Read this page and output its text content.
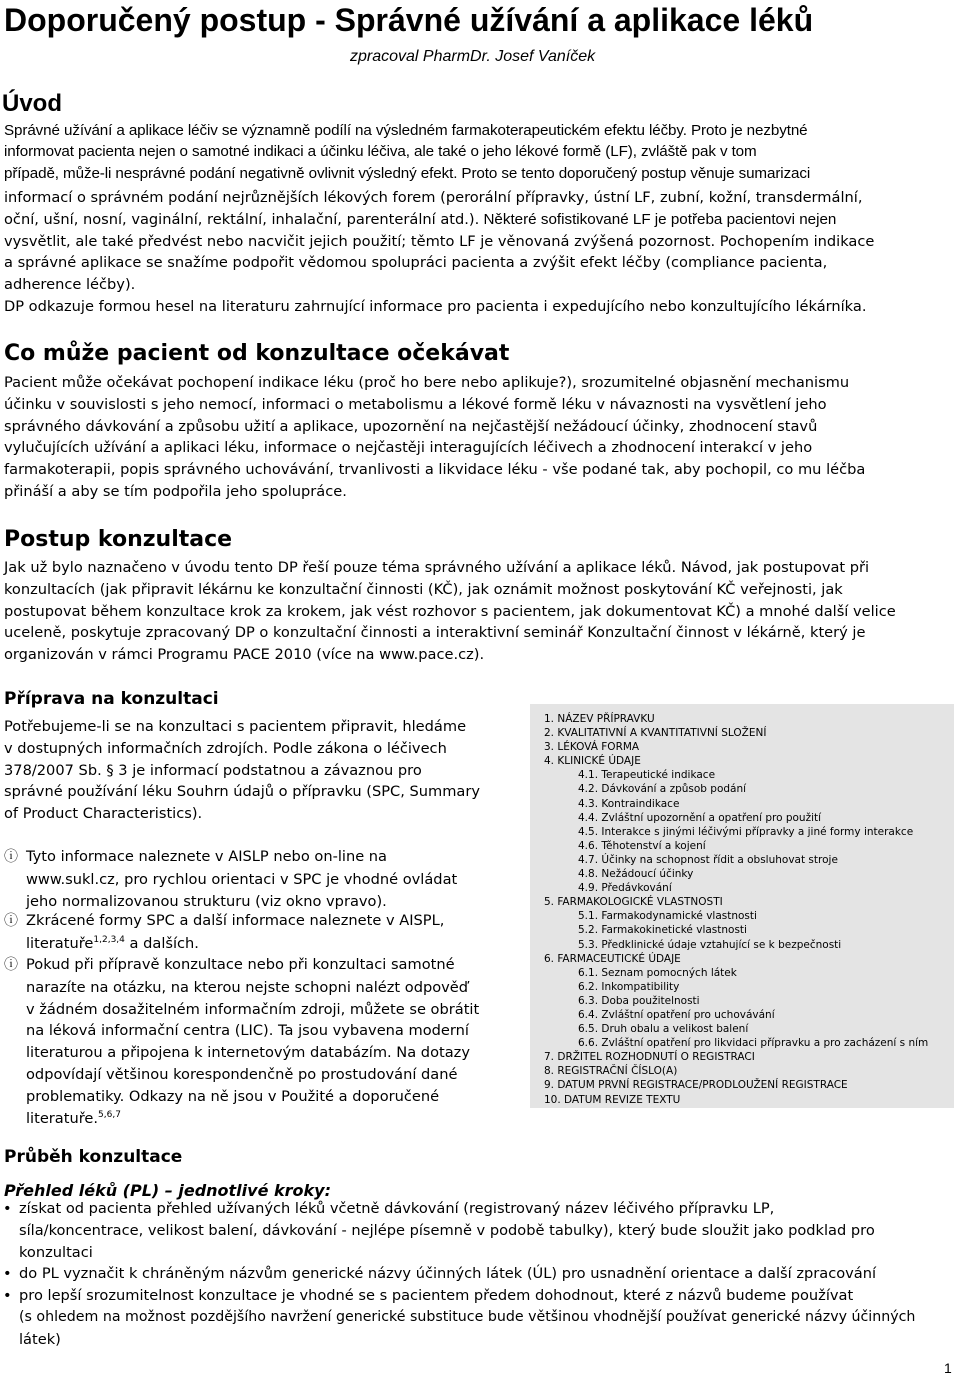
Doporučený postup - Správné užívání a aplikace léků
zpracoval PharmDr. Josef Vaníček
Úvod
Správné užívání a aplikace léčiv se významně podílí na výsledném farmakoterapeutickém efektu léčby. Proto je nezbytné
informovat pacienta nejen o samotné indikaci a účinku léčiva, ale také o jeho lékové formě (LF), zvláště pak v tom
případě, může-li nesprávné podání negativně ovlivnit výsledný efekt. Proto se tento doporučený postup věnuje sumarizaci
informací o správném podání nejrůznějších lékových forem (perorální přípravky, ústní LF, zubní, kožní, transdermální,
oční, ušní, nosní, vaginální, rektální, inhalační, parenterální atd.). Některé sofistikované LF je potřeba pacientovi nejen
vysvětlit, ale také předvést nebo nacvičit jejich použití; těmto LF je věnovaná zvýšená pozornost. Pochopením indikace
a správné aplikace se snažíme podpořit vědomou spolupráci pacienta a zvýšit efekt léčby (compliance pacienta,
adherence léčby).
DP odkazuje formou hesel na literaturu zahrnující informace pro pacienta i expedujícího nebo konzultujícího lékárníka.
Co může pacient od konzultace očekávat
Pacient může očekávat pochopení indikace léku (proč ho bere nebo aplikuje?), srozumitelné objasnění mechanismu
účinku v souvislosti s jeho nemocí, informaci o metabolismu a lékové formě léku v návaznosti na vysvětlení jeho
správného dávkování a způsobu užití a aplikace, upozornění na nejčastější nežádoucí účinky, zhodnocení stavů
vylučujících užívání a aplikaci léku, informace o nejčastěji interagujících léčivech a zhodnocení interakcí v jeho
farmakoterapii, popis správného uchovávání, trvanlivosti a likvidace léku - vše podané tak, aby pochopil, co mu léčba
přináší a aby se tím podpořila jeho spolupráce.
Postup konzultace
Jak už bylo naznačeno v úvodu tento DP řeší pouze téma správného užívání a aplikace léků. Návod, jak postupovat při
konzultacích (jak připravit lékárnu ke konzultační činnosti (KČ), jak oznámit možnost poskytování KČ veřejnosti, jak
postupovat během konzultace krok za krokem, jak vést rozhovor s pacientem, jak dokumentovat KČ) a mnohé další velice
uceleně, poskytuje zpracovaný DP o konzultační činnosti a interaktivní seminář Konzultační činnost v lékárně, který je
organizován v rámci Programu PACE 2010 (více na www.pace.cz).
Příprava na konzultaci
Potřebujeme-li se na konzultaci s pacientem připravit, hledáme
v dostupných informačních zdrojích. Podle zákona o léčivech
378/2007 Sb. § 3 je informací podstatnou a závaznou pro
správné používání léku Souhrn údajů o přípravku (SPC, Summary
of Product Characteristics).
ⓘ Tyto informace naleznete v AISLP nebo on-line na
www.sukl.cz, pro rychlou orientaci v SPC je vhodné ovládat
jeho normalizovanou strukturu (viz okno vpravo).
ⓘ Zkrácené formy SPC a další informace naleznete v AISPL,
literatuře$^{1,2,3,4}$ a dalších.
ⓘ Pokud při přípravě konzultace nebo při konzultaci samotné
narazíte na otázku, na kterou nejste schopni nalézt odpověď
v žádném dosažitelném informačním zdroji, můžete se obrátit
na léková informační centra (LIC). Ta jsou vybavena moderní
literaturou a připojena k internetovým databázím. Na dotazy
odpovídají většinou korespondenčně po prostudování dané
problematiky. Odkazy na ně jsou v Použité a doporučené
literatuře.$^{5,6,7}$
1. NÁZEV PŘÍPRAVKU
2. KVALITATIVNÍ A KVANTITATIVNÍ SLOŽENÍ
3. LÉKOVÁ FORMA
4. KLINICKÉ ÚDAJE
4.1. Terapeutické indikace
4.2. Dávkování a způsob podání
4.3. Kontraindikace
4.4. Zvláštní upozornění a opatření pro použití
4.5. Interakce s jinými léčivými přípravky a jiné formy interakce
4.6. Těhotenství a kojení
4.7. Účinky na schopnost řídit a obsluhovat stroje
4.8. Nežádoucí účinky
4.9. Předávkování
5. FARMAKOLOGICKÉ VLASTNOSTI
5.1. Farmakodynamické vlastnosti
5.2. Farmakokinetické vlastnosti
5.3. Předklinické údaje vztahující se k bezpečnosti
6. FARMACEUTICKÉ ÚDAJE
6.1. Seznam pomocných látek
6.2. Inkompatibility
6.3. Doba použitelnosti
6.4. Zvláštní opatření pro uchovávání
6.5. Druh obalu a velikost balení
6.6. Zvláštní opatření pro likvidaci přípravku a pro zacházení s ním
7. DRŽITEL ROZHODNUTÍ O REGISTRACI
8. REGISTRAČNÍ ČÍSLO(A)
9. DATUM PRVNÍ REGISTRACE/PRODLOUŽENÍ REGISTRACE
10. DATUM REVIZE TEXTU
Průběh konzultace
Přehled léků (PL) – jednotlivé kroky:
• získat od pacienta přehled užívaných léků včetně dávkování (registrovaný název léčivého přípravku LP,
síla/koncentrace, velikost balení, dávkování - nejlépe písemně v podobě tabulky), který bude sloužit jako podklad pro
konzultaci
• do PL vyznačit k chráněným názvům generické názvy účinných látek (ÚL) pro usnadnění orientace a další zpracování
• pro lepší srozumitelnost konzultace je vhodné se s pacientem předem dohodnout, které z názvů budeme používat
(s ohledem na možnost pozdějšího navržení generické substituce bude většinou vhodnější používat generické názvy účinných
látek)
1
